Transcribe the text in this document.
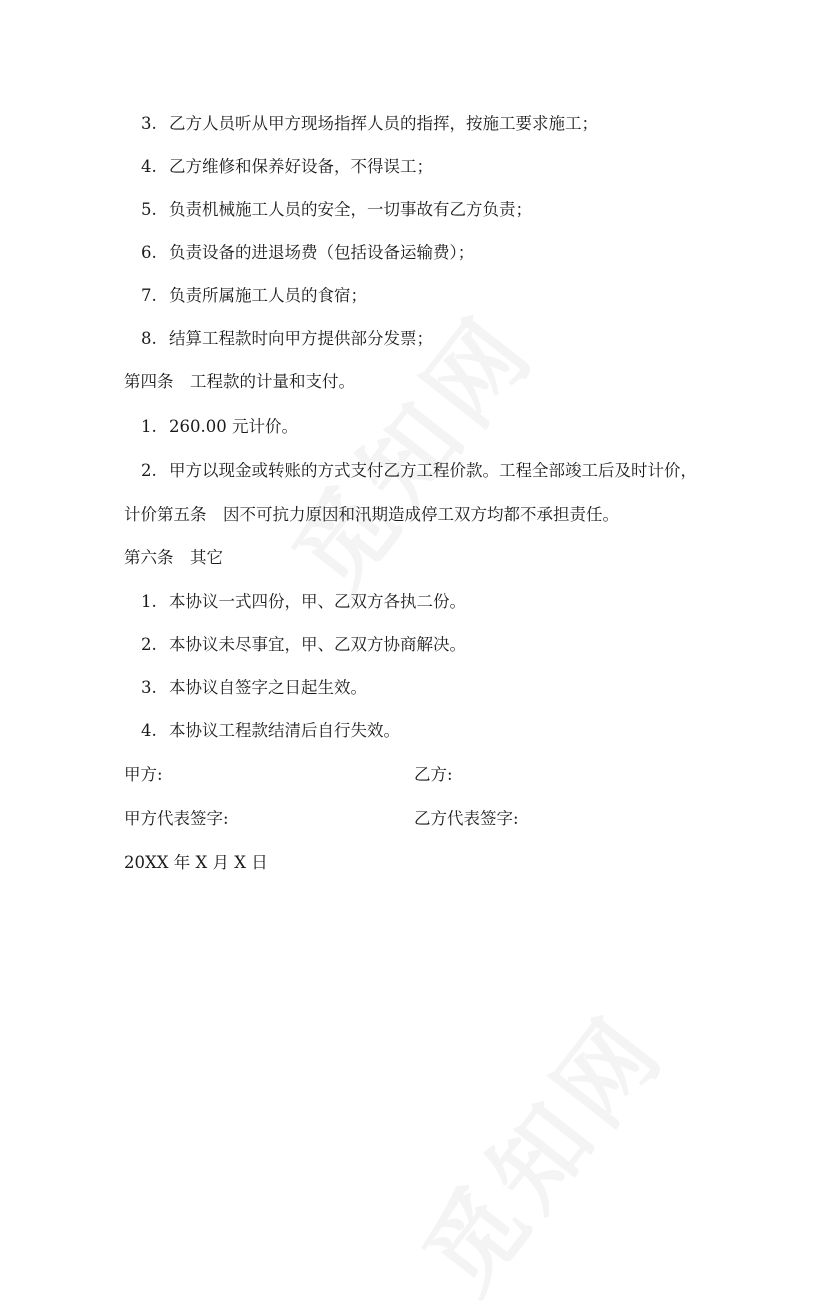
3. 乙方人员听从甲方现场指挥人员的指挥，按施工要求施工；
4. 乙方维修和保养好设备，不得误工；
5. 负责机械施工人员的安全，一切事故有乙方负责；
6. 负责设备的进退场费（包括设备运输费）；
7. 负责所属施工人员的食宿；
8. 结算工程款时向甲方提供部分发票；
第四条　工程款的计量和支付。
1. 260.00 元计价。
2. 甲方以现金或转账的方式支付乙方工程价款。工程全部竣工后及时计价，
计价第五条　因不可抗力原因和汛期造成停工双方均都不承担责任。
第六条　其它
1. 本协议一式四份，甲、乙双方各执二份。
2. 本协议未尽事宜，甲、乙双方协商解决。
3. 本协议自签字之日起生效。
4. 本协议工程款结清后自行失效。
甲方:	乙方:
甲方代表签字:	乙方代表签字:
20XX 年 X 月 X 日
